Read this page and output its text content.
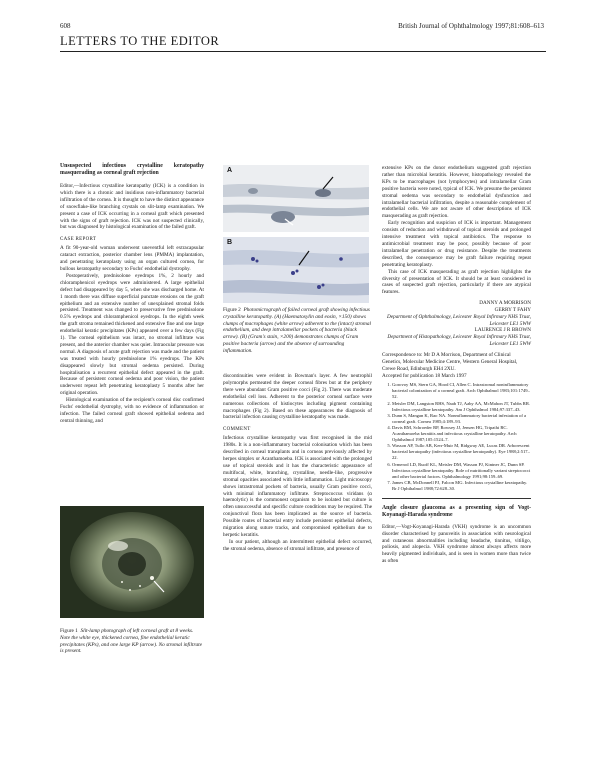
608	British Journal of Ophthalmology 1997;81:608–613
LETTERS TO THE EDITOR
Unsuspected infectious crystalline keratopathy masquerading as corneal graft rejection

Editor,—Infectious crystalline keratopathy (ICK) is a condition in which there is a chronic and insidious non-inflammatory bacterial infiltration of the cornea. It is thought to have the distinct appearance of snowflake-like branching crystals on slit-lamp examination. We present a case of ICK occurring in a corneal graft which presented with the signs of graft rejection. ICK was not suspected clinically, but was diagnosed by histological examination of the failed graft.

CASE REPORT

A fit 90-year-old woman underwent uneventful left extracapsular cataract extraction, posterior chamber lens (PMMA) implantation, and penetrating keratoplasty using an organ cultured cornea, for bullous keratopathy secondary to Fuchs' endothelial dystrophy.

Postoperatively, prednisolone eyedrops 1%, 2 hourly and chloramphenicol eyedrops were administered. A large epithelial defect had disappeared by day 5, when she was discharged home. At 1 month there was diffuse superficial punctate erosions on the graft epithelium and an extensive number of unexplained stromal folds persisted. Treatment was changed to preservative free prednisolone 0.5% eyedrops and chloramphenicol eyedrops. In the eighth week the graft stroma remained thickened and extensive fine and one large endothelial keratic precipitates (KPs) appeared over a few days (Fig 1). The corneal epithelium was intact, no stromal infiltrate was present, and the anterior chamber was quiet. Intraocular pressure was normal. A diagnosis of acute graft rejection was made and the patient was treated with hourly prednisolone 1% eyedrops. The KPs disappeared slowly but stromal oedema persisted. During hospitalisation a recurrent epithelial defect appeared in the graft. Because of persistent corneal oedema and poor vision, the patient underwent repeat left penetrating keratoplasty 5 months after her original operation.

Histological examination of the recipient's corneal disc confirmed Fuchs' endothelial dystrophy, with no evidence of inflammation or infection. The failed corneal graft showed epithelial oedema and central thinning, and

Figure 1 Slit-lamp photograph of left corneal graft at 8 weeks. Note the white eye, thickened cornea, fine endothelial keratic precipitates (KPs), and one large KP (arrow). No stromal infiltrate is present.
A
B
Figure 2 Photomicrograph of failed corneal graft showing infectious crystalline keratopathy. (A) (Haematoxylin and eosin, ×150) shows clumps of macrophages (white arrow) adherent to the (intact) stromal endothelium, and deep intralamellar pockets of bacteria (black arrow). (B) (Gram's stain, ×200) demonstrates clumps of Gram positive bacteria (arrow) and the absence of surrounding inflammation.

discontinuities were evident in Bowman's layer. A few neutrophil polymorphs permeated the deeper corneal fibres but at the periphery there were abundant Gram positive cocci (Fig 2). There was moderate endothelial cell loss. Adherent to the posterior corneal surface were numerous collections of histiocytes including pigment containing macrophages (Fig 2). Based on these appearances the diagnosis of bacterial infection causing crystalline keratopathy was made.

COMMENT

Infectious crystalline keratopathy was first recognised in the mid 1980s. It is a non-inflammatory bacterial colonisation which has been described in corneal transplants and in corneas previously affected by herpes simplex or Acanthamoeba. ICK is associated with the prolonged use of topical steroids and it has the characteristic appearance of multifocal, white, branching, crystalline, needle-like, progressive stromal opacities associated with little inflammation. Light microscopy shows intrastromal pockets of bacteria, usually Gram positive cocci, with minimal inflammatory infiltrate. Streptococcus viridans (α haemolytic) is the commonest organism to be isolated but culture is often unsuccessful and specific culture conditions may be required. The conjunctival flora has been implicated as the source of bacteria. Possible routes of bacterial entry include persistent epithelial defects, migration along suture tracks, and compromised epithelium due to herpetic keratitis.

In our patient, although an intermittent epithelial defect occurred, the stromal oedema, absence of stromal infiltrate, and presence of

extensive KPs on the donor endothelium suggested graft rejection rather than microbial keratitis. However, histopathology revealed the KPs to be macrophages (not lymphocytes) and intralamellar Gram positive bacteria were noted, typical of ICK. We presume the persistent stromal oedema was secondary to endothelial dysfunction and intralamellar bacterial infiltration, despite a reasonable complement of endothelial cells. We are not aware of other descriptions of ICK masquerading as graft rejection.

Early recognition and suspicion of ICK is important. Management consists of reduction and withdrawal of topical steroids and prolonged intensive treatment with topical antibiotics. The response to antimicrobial treatment may be poor, possibly because of poor intralamellar penetration or drug resistance. Despite the treatments described, the consequence may be graft failure requiring repeat penetrating keratoplasty.

This case of ICK masquerading as graft rejection highlights the diversity of presentation of ICK. It should be at least considered in cases of suspected graft rejection, particularly if there are atypical features.

DANNY A MORRISON
GERRY T FAHY
Department of Ophthalmology, Leicester Royal Infirmary NHS Trust, Leicester LE1 5WW
LAURENCE J R BROWN
Department of Histopathology, Leicester Royal Infirmary NHS Trust, Leicester LE1 5WW

Correspondence to: Mr D A Morrison, Department of Clinical Genetics, Molecular Medicine Centre, Western General Hospital, Crewe Road, Edinburgh EH4 2XU.

Accepted for publication 18 March 1997

1. Gorovoy MS, Stern GA, Hood CI, Allen C. Intrastromal noninflammatory bacterial colonization of a corneal graft. Arch Ophthalmol 1983;101:1749–52.
2. Meisler DM, Langston RHS, Naab TJ, Aaby AA, McMahon JT, Tubbs RR. Infectious crystalline keratopathy. Am J Ophthalmol 1984;97:337–43.
3. Dunn S, Mangan K, Rao NA. Nonmflammatory bacterial infestation of a corneal graft. Cornea 1985;4:189–93.
4. Davis RM, Schroeder RP, Rowsey JJ, Jensen HG, Tripathi RC. Acanthamoeba keratitis and infectious crystalline keratopathy. Arch Ophthalmol 1987;105:1524–7.
5. Wasson AP, Tullo AB, Kerr-Muir M, Ridgway AE, Lucas DR. Arborescent bacterial keratopathy (infectious crystalline keratopathy). Eye 1988;2:517–22.
6. Ormerod LD, Ruoff KL, Meisler DM, Wasson PJ, Kintner JC, Dunn SP. Infectious crystalline keratopathy. Role of nutritionally variant streptococci and other bacterial factors. Ophthalmology 1991;98:159–69.
7. James CB, McDonnell PJ, Falcon MG. Infectious crystalline keratopathy. Br J Ophthalmol 1988;72:628–30.
Angle closure glaucoma as a presenting sign of Vogt-Koyanagi-Harada syndrome

Editor,—Vogt-Koyanagi-Harada (VKH) syndrome is an uncommon disorder characterised by panuveitis in association with neurological and cutaneous abnormalities including headache, tinnitus, vitiligo, poliosis, and alopecia. VKH syndrome almost always affects more heavily pigmented individuals, and is seen in women more than twice as often
